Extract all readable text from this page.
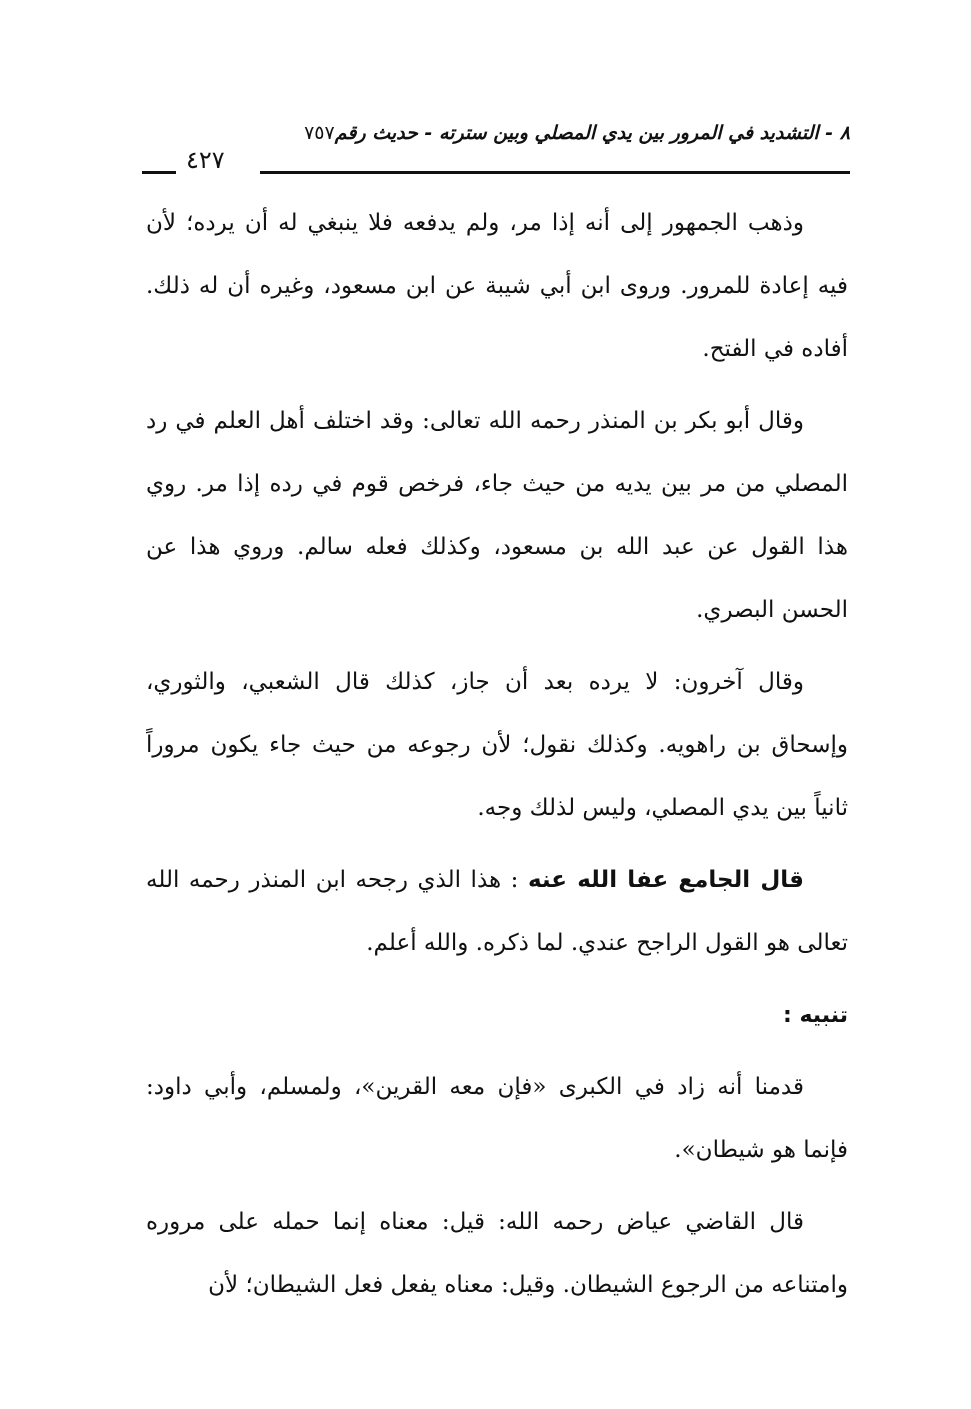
٨ - التشديد في المرور بين يدي المصلي وبين سترته - حديث رقم٧٥٧
٤٢٧

وذهب الجمهور إلى أنه إذا مر، ولم يدفعه فلا ينبغي له أن يرده؛ لأن فيه إعادة للمرور. وروى ابن أبي شيبة عن ابن مسعود، وغيره أن له ذلك. أفاده في الفتح.

وقال أبو بكر بن المنذر رحمه الله تعالى: وقد اختلف أهل العلم في رد المصلي من مر بين يديه من حيث جاء، فرخص قوم في رده إذا مر. روي هذا القول عن عبد الله بن مسعود، وكذلك فعله سالم. وروي هذا عن الحسن البصري.

وقال آخرون: لا يرده بعد أن جاز، كذلك قال الشعبي، والثوري، وإسحاق بن راهويه. وكذلك نقول؛ لأن رجوعه من حيث جاء يكون مروراً ثانياً بين يدي المصلي، وليس لذلك وجه.

قال الجامع عفا الله عنه : هذا الذي رجحه ابن المنذر رحمه الله تعالى هو القول الراجح عندي. لما ذكره. والله أعلم.

تنبيه :

قدمنا أنه زاد في الكبرى «فإن معه القرين»، ولمسلم، وأبي داود: فإنما هو شيطان».

قال القاضي عياض رحمه الله: قيل: معناه إنما حمله على مروره وامتناعه من الرجوع الشيطان. وقيل: معناه يفعل فعل الشيطان؛ لأن
